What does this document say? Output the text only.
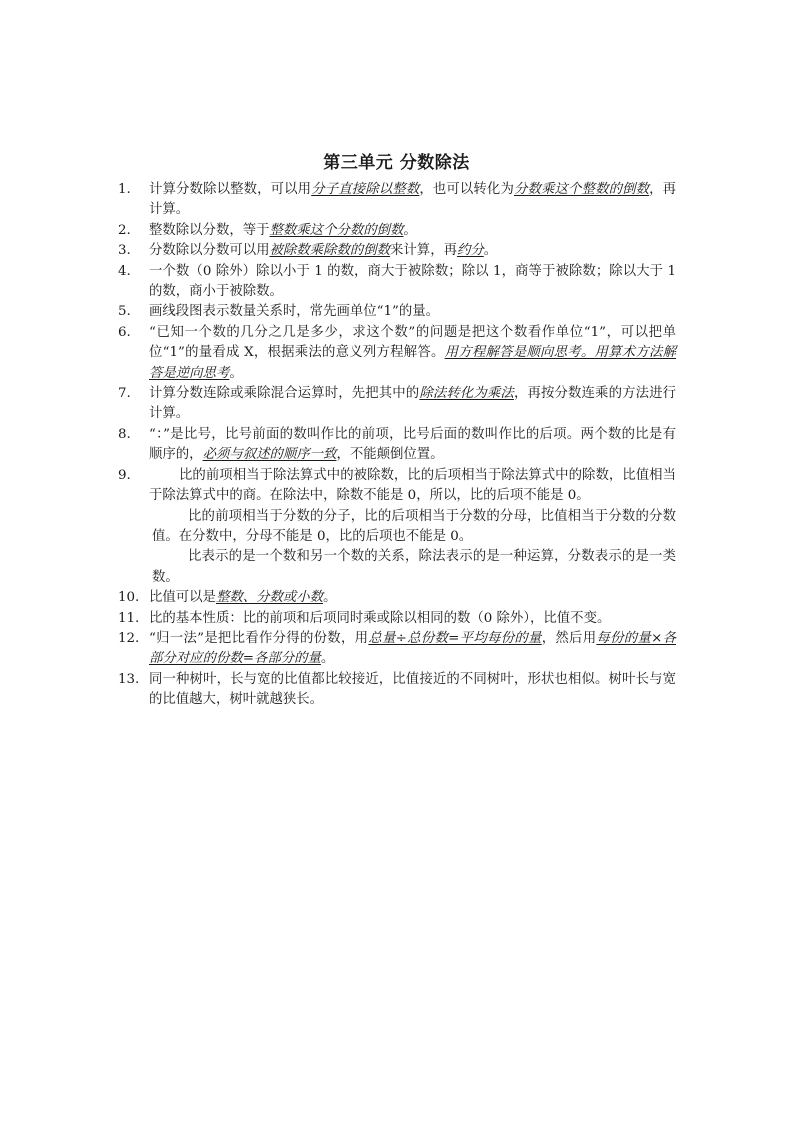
第三单元 分数除法
1.	计算分数除以整数，可以用分子直接除以整数，也可以转化为分数乘这个整数的倒数，再计算。
2.	整数除以分数，等于整数乘这个分数的倒数。
3.	分数除以分数可以用被除数乘除数的倒数来计算，再约分。
4.	一个数（0 除外）除以小于 1 的数，商大于被除数；除以 1，商等于被除数；除以大于 1 的数，商小于被除数。
5.	画线段图表示数量关系时，常先画单位“1”的量。
6.	“已知一个数的几分之几是多少，求这个数”的问题是把这个数看作单位“1”，可以把单位“1”的量看成 X，根据乘法的意义列方程解答。用方程解答是顺向思考。用算术方法解答是逆向思考。
7.	计算分数连除或乘除混合运算时，先把其中的除法转化为乘法，再按分数连乘的方法进行计算。
8.	“：”是比号，比号前面的数叫作比的前项，比号后面的数叫作比的后项。两个数的比是有顺序的，必须与叙述的顺序一致，不能颠倒位置。
9.	比的前项相当于除法算式中的被除数，比的后项相当于除法算式中的除数，比值相当于除法算式中的商。在除法中，除数不能是 0，所以，比的后项不能是 0。
比的前项相当于分数的分子，比的后项相当于分数的分母，比值相当于分数的分数值。在分数中，分母不能是 0，比的后项也不能是 0。
比表示的是一个数和另一个数的关系，除法表示的是一种运算，分数表示的是一类数。
10. 比值可以是整数、分数或小数。
11. 比的基本性质：比的前项和后项同时乘或除以相同的数（0 除外），比值不变。
12. “归一法”是把比看作分得的份数，用总量÷总份数=平均每份的量，然后用每份的量×各部分对应的份数=各部分的量。
13. 同一种树叶，长与宽的比值都比较接近，比值接近的不同树叶，形状也相似。树叶长与宽的比值越大，树叶就越狭长。
